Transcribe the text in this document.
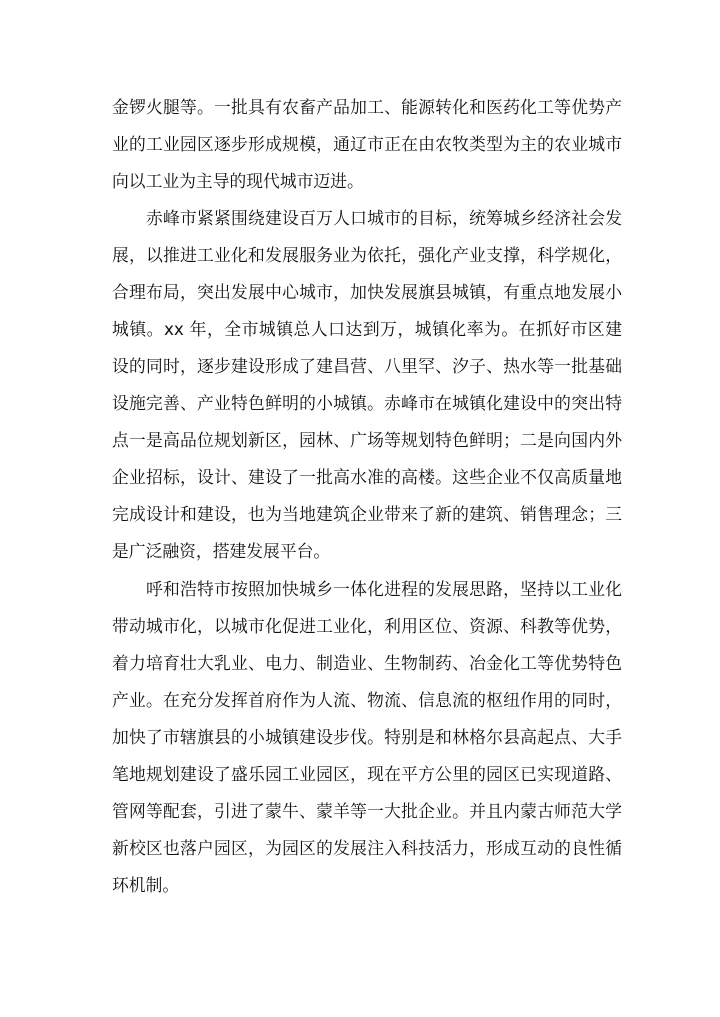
金锣火腿等。一批具有农畜产品加工、能源转化和医药化工等优势产
业的工业园区逐步形成规模，通辽市正在由农牧类型为主的农业城市
向以工业为主导的现代城市迈进。
赤峰市紧紧围绕建设百万人口城市的目标，统筹城乡经济社会发
展，以推进工业化和发展服务业为依托，强化产业支撑，科学规化，
合理布局，突出发展中心城市，加快发展旗县城镇，有重点地发展小
城镇。xx 年，全市城镇总人口达到万，城镇化率为。在抓好市区建
设的同时，逐步建设形成了建昌营、八里罕、汐子、热水等一批基础
设施完善、产业特色鲜明的小城镇。赤峰市在城镇化建设中的突出特
点一是高品位规划新区，园林、广场等规划特色鲜明；二是向国内外
企业招标，设计、建设了一批高水准的高楼。这些企业不仅高质量地
完成设计和建设，也为当地建筑企业带来了新的建筑、销售理念；三
是广泛融资，搭建发展平台。
呼和浩特市按照加快城乡一体化进程的发展思路，坚持以工业化
带动城市化，以城市化促进工业化，利用区位、资源、科教等优势，
着力培育壮大乳业、电力、制造业、生物制药、冶金化工等优势特色
产业。在充分发挥首府作为人流、物流、信息流的枢纽作用的同时，
加快了市辖旗县的小城镇建设步伐。特别是和林格尔县高起点、大手
笔地规划建设了盛乐园工业园区，现在平方公里的园区已实现道路、
管网等配套，引进了蒙牛、蒙羊等一大批企业。并且内蒙古师范大学
新校区也落户园区，为园区的发展注入科技活力，形成互动的良性循
环机制。
